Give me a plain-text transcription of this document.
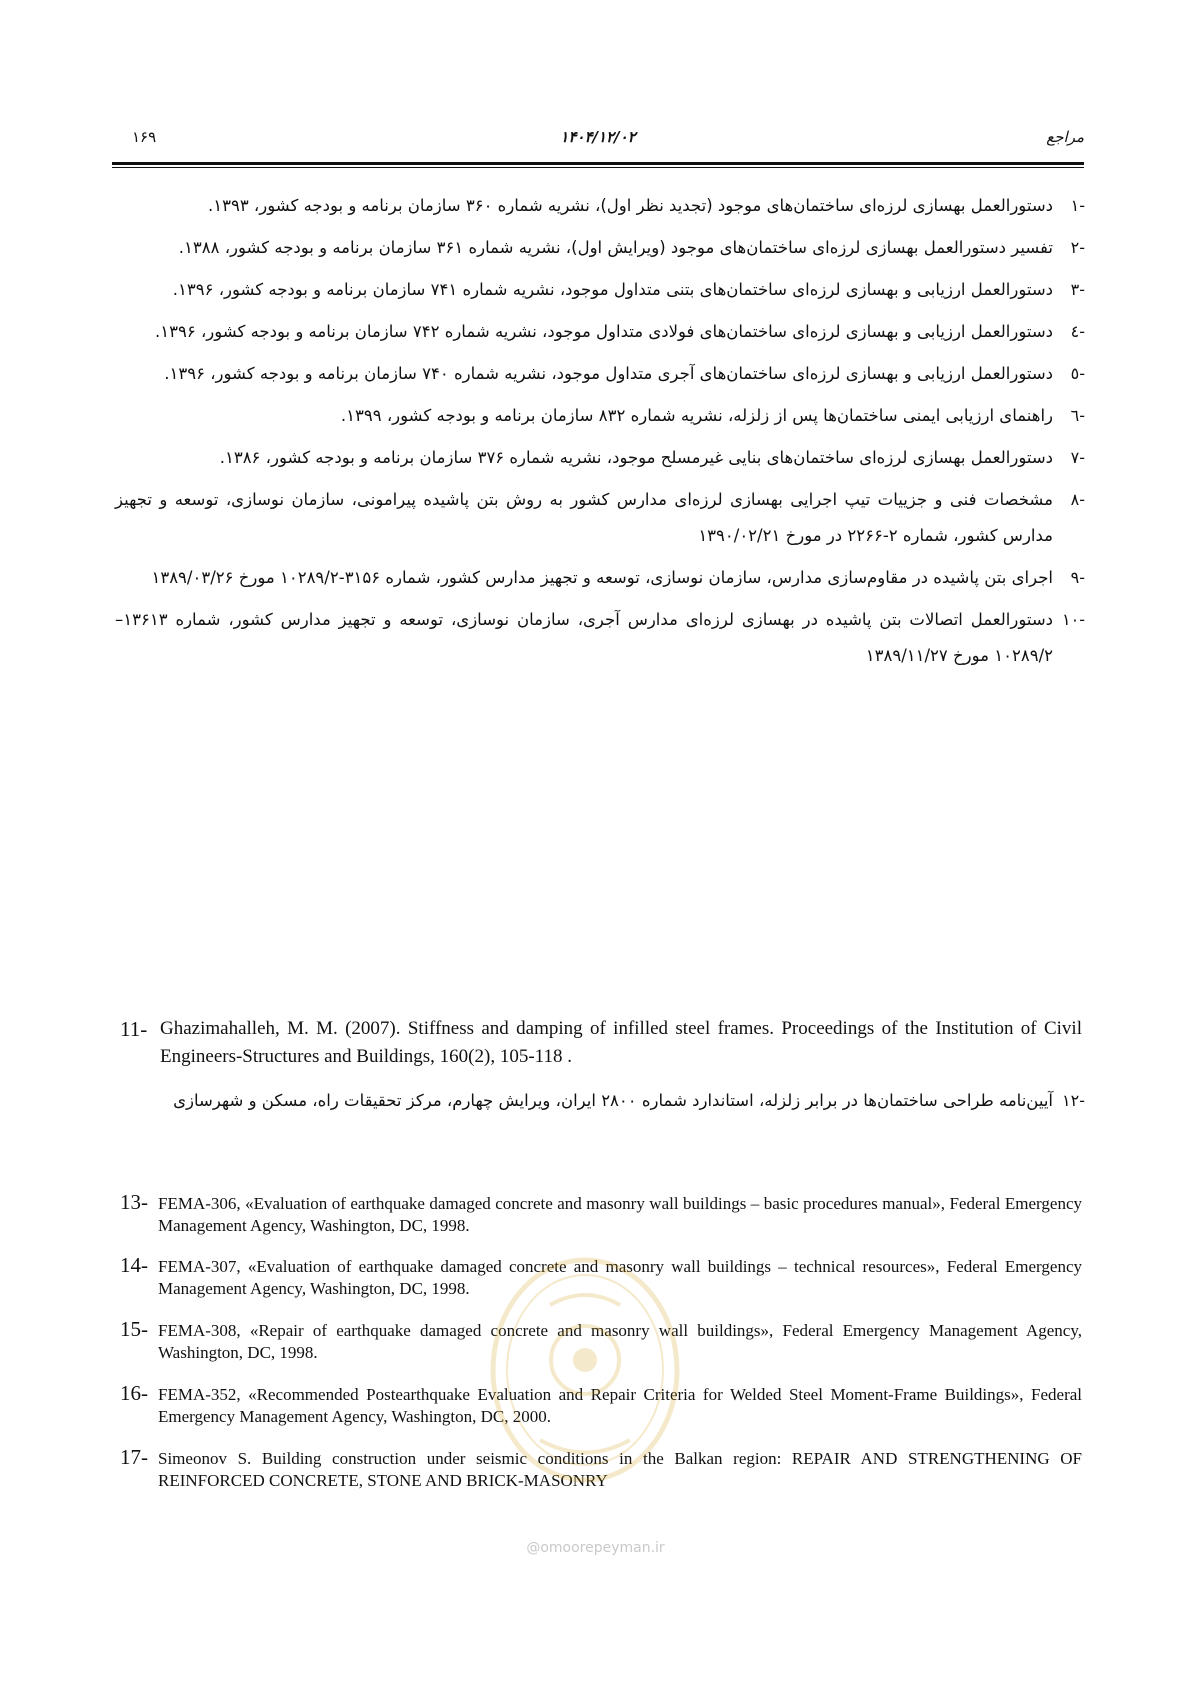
مراجع
۱۴۰۴/۱۲/۰۲
۱۶۹
۱-
دستورالعمل بهسازی لرزه‌ای ساختمان‌های موجود (تجدید نظر اول)، نشریه شماره ۳۶۰ سازمان برنامه و بودجه کشور، ۱۳۹۳.
۲-
تفسیر دستورالعمل بهسازی لرزه‌ای ساختمان‌های موجود (ویرایش اول)، نشریه شماره ۳۶۱ سازمان برنامه و بودجه کشور، ۱۳۸۸.
۳-
دستورالعمل ارزیابی و بهسازی لرزه‌ای ساختمان‌های بتنی متداول موجود، نشریه شماره ۷۴۱ سازمان برنامه و بودجه کشور، ۱۳۹۶.
٤-
دستورالعمل ارزیابی و بهسازی لرزه‌ای ساختمان‌های فولادی متداول موجود، نشریه شماره ۷۴۲ سازمان برنامه و بودجه کشور، ۱۳۹۶.
٥-
دستورالعمل ارزیابی و بهسازی لرزه‌ای ساختمان‌های آجری متداول موجود، نشریه شماره ۷۴۰ سازمان برنامه و بودجه کشور، ۱۳۹۶.
٦-
راهنمای ارزیابی ایمنی ساختمان‌ها پس از زلزله، نشریه شماره ۸۳۲ سازمان برنامه و بودجه کشور، ۱۳۹۹.
٧-
دستورالعمل بهسازی لرزه‌ای ساختمان‌های بنایی غیرمسلح موجود، نشریه شماره ۳۷۶ سازمان برنامه و بودجه کشور، ۱۳۸۶.
٨-
مشخصات فنی و جزییات تیپ اجرایی بهسازی لرزه‌ای مدارس کشور به روش بتن پاشیده پیرامونی، سازمان نوسازی، توسعه و تجهیز مدارس کشور، شماره ۲-۲۲۶۶ در مورخ ۱۳۹۰/۰۲/۲۱
٩-
اجرای بتن پاشیده در مقاوم‌سازی مدارس، سازمان نوسازی، توسعه و تجهیز مدارس کشور، شماره ۳۱۵۶-۱۰۲۸۹/۲ مورخ ۱۳۸۹/۰۳/۲۶
١٠-
دستورالعمل اتصالات بتن پاشیده در بهسازی لرزه‌ای مدارس آجری، سازمان نوسازی، توسعه و تجهیز مدارس کشور، شماره ۱۳۶۱۳– ۱۰۲۸۹/۲ مورخ ۱۳۸۹/۱۱/۲۷
11- Ghazimahalleh, M. M. (2007). Stiffness and damping of infilled steel frames. Proceedings of the Institution of Civil Engineers-Structures and Buildings, 160(2), 105-118 .
۱۲-
آیین‌نامه طراحی ساختمان‌ها در برابر زلزله، استاندارد شماره ۲۸۰۰ ایران، ویرایش چهارم، مرکز تحقیقات راه، مسکن و شهرسازی
13- FEMA-306, «Evaluation of earthquake damaged concrete and masonry wall buildings – basic procedures manual», Federal Emergency Management Agency, Washington, DC, 1998.
14- FEMA-307, «Evaluation of earthquake damaged concrete and masonry wall buildings – technical resources», Federal Emergency Management Agency, Washington, DC, 1998.
15- FEMA-308, «Repair of earthquake damaged concrete and masonry wall buildings», Federal Emergency Management Agency, Washington, DC, 1998.
16- FEMA-352, «Recommended Postearthquake Evaluation and Repair Criteria for Welded Steel Moment-Frame Buildings», Federal Emergency Management Agency, Washington, DC, 2000.
17- Simeonov S. Building construction under seismic conditions in the Balkan region: REPAIR AND STRENGTHENING OF REINFORCED CONCRETE, STONE AND BRICK-MASONRY
@omoorepeyman.ir
